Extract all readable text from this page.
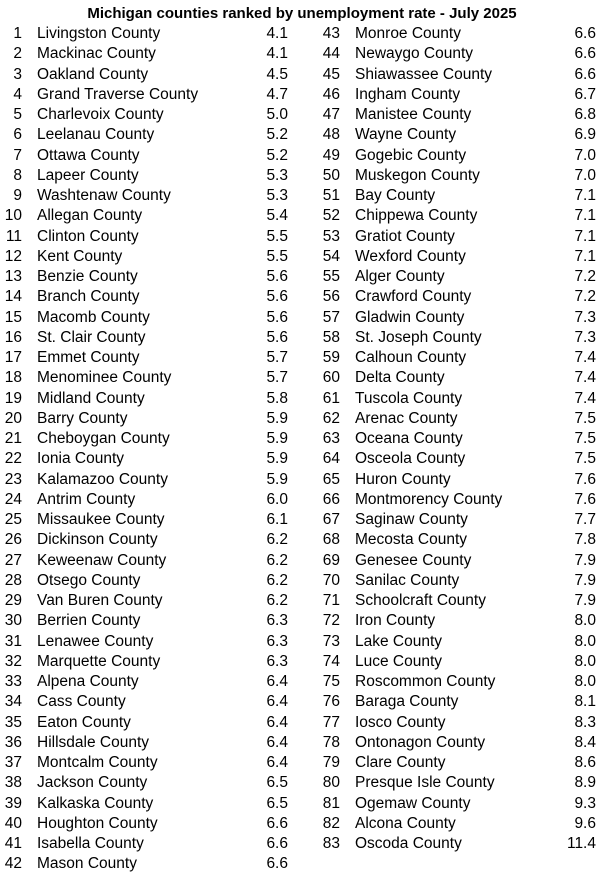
Michigan counties ranked by unemployment rate - July 2025
1 Livingston County	4.1
2 Mackinac County	4.1
3 Oakland County	4.5
4 Grand Traverse County	4.7
5 Charlevoix County	5.0
6 Leelanau County	5.2
7 Ottawa County	5.2
8 Lapeer County	5.3
9 Washtenaw County	5.3
10 Allegan County	5.4
11 Clinton County	5.5
12 Kent County	5.5
13 Benzie County	5.6
14 Branch County	5.6
15 Macomb County	5.6
16 St. Clair County	5.6
17 Emmet County	5.7
18 Menominee County	5.7
19 Midland County	5.8
20 Barry County	5.9
21 Cheboygan County	5.9
22 Ionia County	5.9
23 Kalamazoo County	5.9
24 Antrim County	6.0
25 Missaukee County	6.1
26 Dickinson County	6.2
27 Keweenaw County	6.2
28 Otsego County	6.2
29 Van Buren County	6.2
30 Berrien County	6.3
31 Lenawee County	6.3
32 Marquette County	6.3
33 Alpena County	6.4
34 Cass County	6.4
35 Eaton County	6.4
36 Hillsdale County	6.4
37 Montcalm County	6.4
38 Jackson County	6.5
39 Kalkaska County	6.5
40 Houghton County	6.6
41 Isabella County	6.6
42 Mason County	6.6
43 Monroe County	6.6
44 Newaygo County	6.6
45 Shiawassee County	6.6
46 Ingham County	6.7
47 Manistee County	6.8
48 Wayne County	6.9
49 Gogebic County	7.0
50 Muskegon County	7.0
51 Bay County	7.1
52 Chippewa County	7.1
53 Gratiot County	7.1
54 Wexford County	7.1
55 Alger County	7.2
56 Crawford County	7.2
57 Gladwin County	7.3
58 St. Joseph County	7.3
59 Calhoun County	7.4
60 Delta County	7.4
61 Tuscola County	7.4
62 Arenac County	7.5
63 Oceana County	7.5
64 Osceola County	7.5
65 Huron County	7.6
66 Montmorency County	7.6
67 Saginaw County	7.7
68 Mecosta County	7.8
69 Genesee County	7.9
70 Sanilac County	7.9
71 Schoolcraft County	7.9
72 Iron County	8.0
73 Lake County	8.0
74 Luce County	8.0
75 Roscommon County	8.0
76 Baraga County	8.1
77 Iosco County	8.3
78 Ontonagon County	8.4
79 Clare County	8.6
80 Presque Isle County	8.9
81 Ogemaw County	9.3
82 Alcona County	9.6
83 Oscoda County	11.4
